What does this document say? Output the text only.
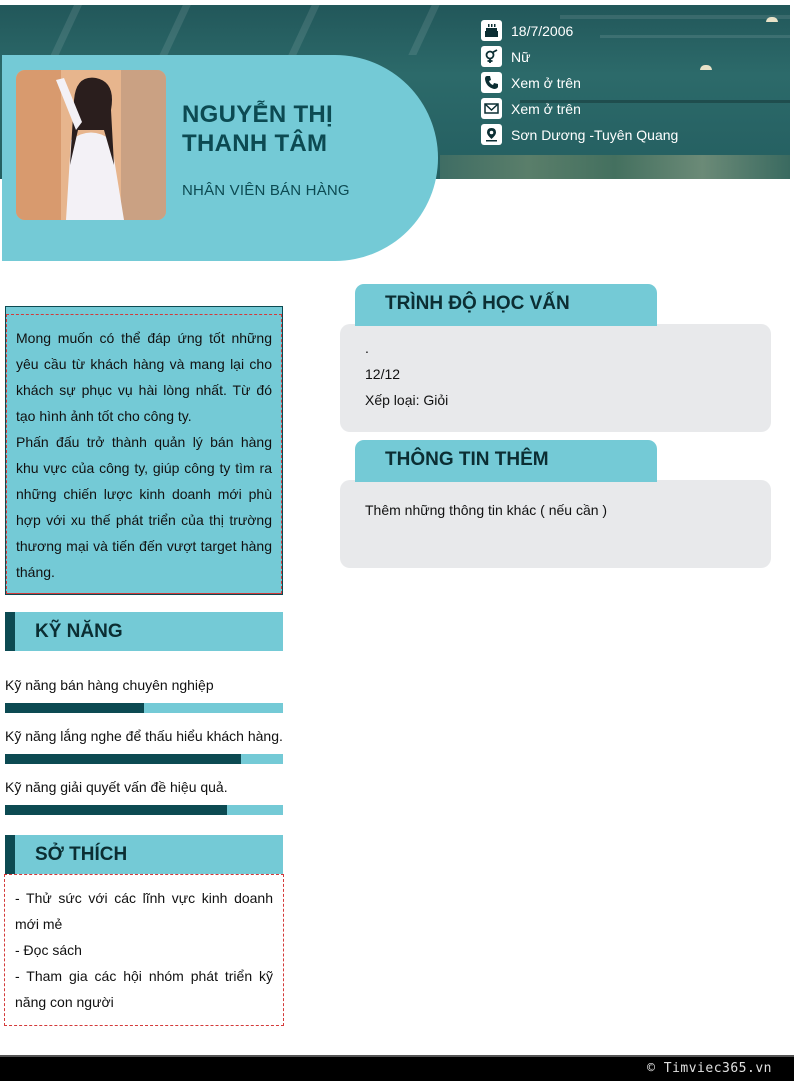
NGUYỄN THỊ THANH TÂM
NHÂN VIÊN BÁN HÀNG
18/7/2006
Nữ
Xem ở trên
Xem ở trên
Sơn Dương -Tuyên Quang

Mong muốn có thể đáp ứng tốt những yêu cầu từ khách hàng và mang lại cho khách sự phục vụ hài lòng nhất. Từ đó tạo hình ảnh tốt cho công ty.

Phấn đấu trở thành quản lý bán hàng khu vực của công ty, giúp công ty tìm ra những chiến lược kinh doanh mới phù hợp với xu thế phát triển của thị trường thương mại và tiến đến vượt target hàng tháng.

KỸ NĂNG
Kỹ năng bán hàng chuyên nghiệp
Kỹ năng lắng nghe để thấu hiểu khách hàng.
Kỹ năng giải quyết vấn đề hiệu quả.
SỞ THÍCH

- Thử sức với các lĩnh vực kinh doanh mới mẻ

- Đọc sách

- Tham gia các hội nhóm phát triển kỹ năng con người

.
12/12
Xếp loại: Giỏi
TRÌNH ĐỘ HỌC VẤN
Thêm những thông tin khác ( nếu cần )
THÔNG TIN THÊM
© Timviec365.vn
